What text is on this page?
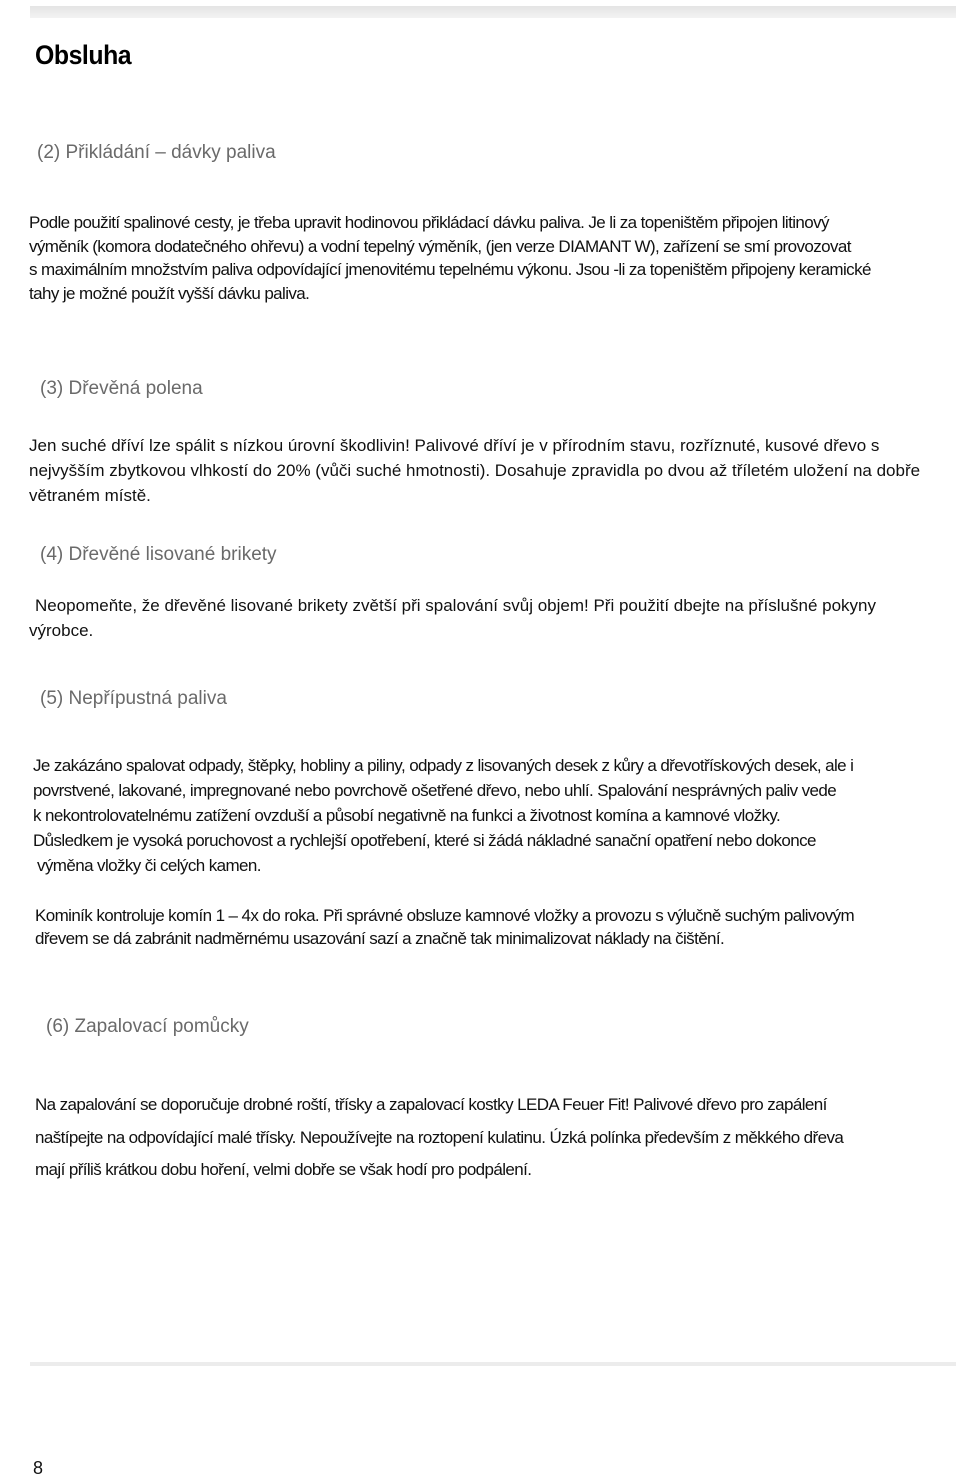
Obsluha
(2) Přikládání – dávky paliva

Podle použití spalinové cesty, je třeba upravit hodinovou přikládací dávku paliva. Je li za topeništěm připojen litinový
výměník (komora dodatečného ohřevu) a vodní tepelný výměník, (jen verze DIAMANT W), zařízení se smí provozovat
s maximálním množstvím paliva odpovídající jmenovitému tepelnému výkonu. Jsou -li za topeništěm připojeny keramické
tahy je možné použít vyšší dávku paliva.

(3) Dřevěná polena

Jen suché dříví lze spálit s nízkou úrovní škodlivin! Palivové dříví je v přírodním stavu, rozříznuté, kusové dřevo s
nejvyšším zbytkovou vlhkostí do 20% (vůči suché hmotnosti). Dosahuje zpravidla po dvou až tříletém uložení na dobře
větraném místě.

(4) Dřevěné lisované brikety

Neopomeňte, že dřevěné lisované brikety zvětší při spalování svůj objem! Při použití dbejte na příslušné pokyny
výrobce.

(5) Nepřípustná paliva

Je zakázáno spalovat odpady, štěpky, hobliny a piliny, odpady z lisovaných desek z kůry a dřevotřískových desek, ale i
povrstvené, lakované, impregnované nebo povrchově ošetřené dřevo, nebo uhlí. Spalování nesprávných paliv vede
k nekontrolovatelnému zatížení ovzduší a působí negativně na funkci a životnost komína a kamnové vložky.
Důsledkem je vysoká poruchovost a rychlejší opotřebení, které si žádá nákladné sanační opatření nebo dokonce
výměna vložky či celých kamen.

Kominík kontroluje komín 1 – 4x do roka. Při správné obsluze kamnové vložky a provozu s výlučně suchým palivovým
dřevem se dá zabránit nadměrnému usazování sazí a značně tak minimalizovat náklady na čištění.

(6) Zapalovací pomůcky

Na zapalování se doporučuje drobné roští, třísky a zapalovací kostky LEDA Feuer Fit! Palivové dřevo pro zapálení
naštípejte na odpovídající malé třísky. Nepoužívejte na roztopení kulatinu. Úzká polínka především z měkkého dřeva
mají příliš krátkou dobu hoření, velmi dobře se však hodí pro podpálení.

8
